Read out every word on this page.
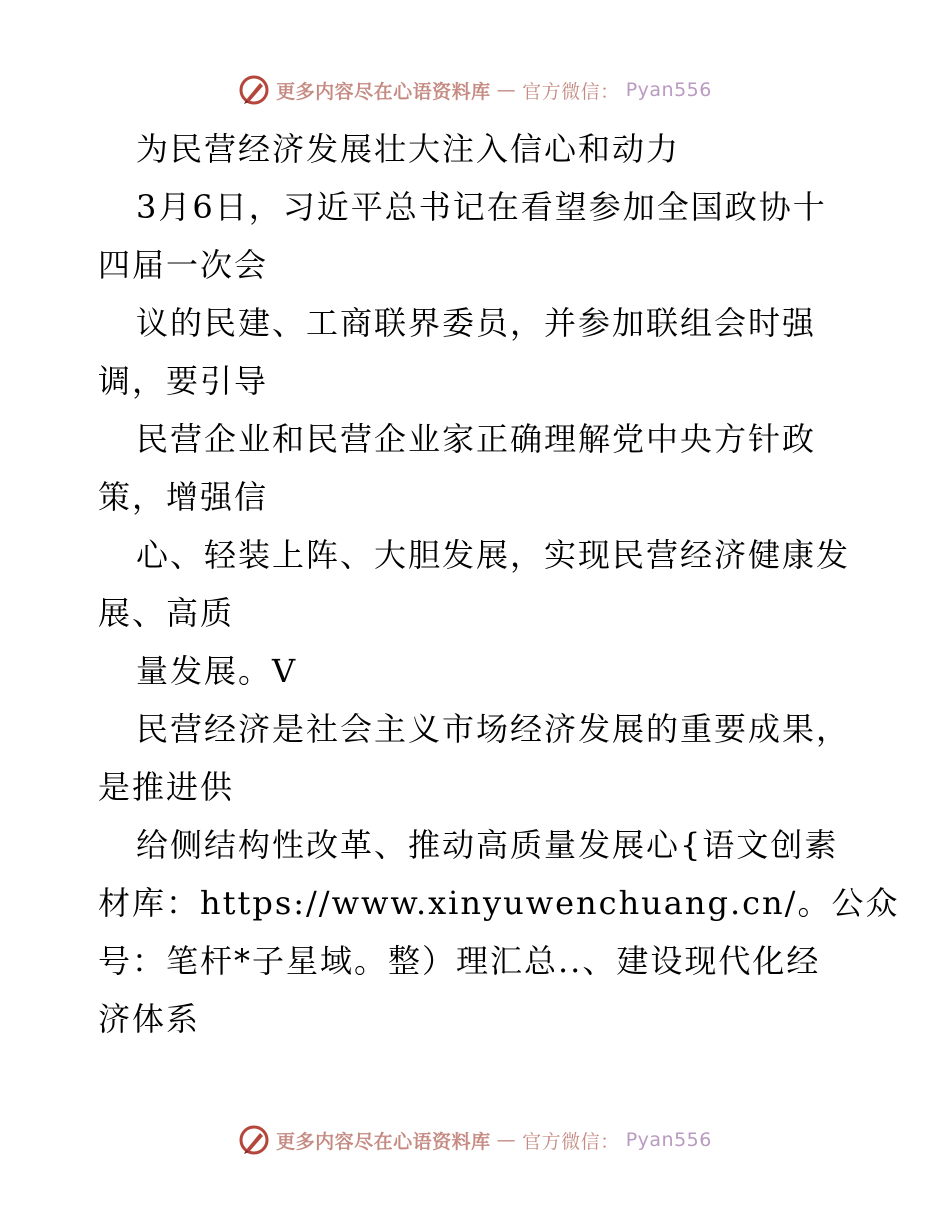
更多内容尽在心语资料库 — 官方微信： Pyan556
为民营经济发展壮大注入信心和动力
3月6日，习近平总书记在看望参加全国政协十
四届一次会
议的民建、工商联界委员，并参加联组会时强
调，要引导
民营企业和民营企业家正确理解党中央方针政
策，增强信
心、轻装上阵、大胆发展，实现民营经济健康发
展、高质
量发展。V
民营经济是社会主义市场经济发展的重要成果，
是推进供
给侧结构性改革、推动高质量发展心{语文创素
材库：https://www.xinyuwenchuang.cn/。公众
号：笔杆*子星域。整）理汇总..、建设现代化经
济体系
更多内容尽在心语资料库 — 官方微信： Pyan556
